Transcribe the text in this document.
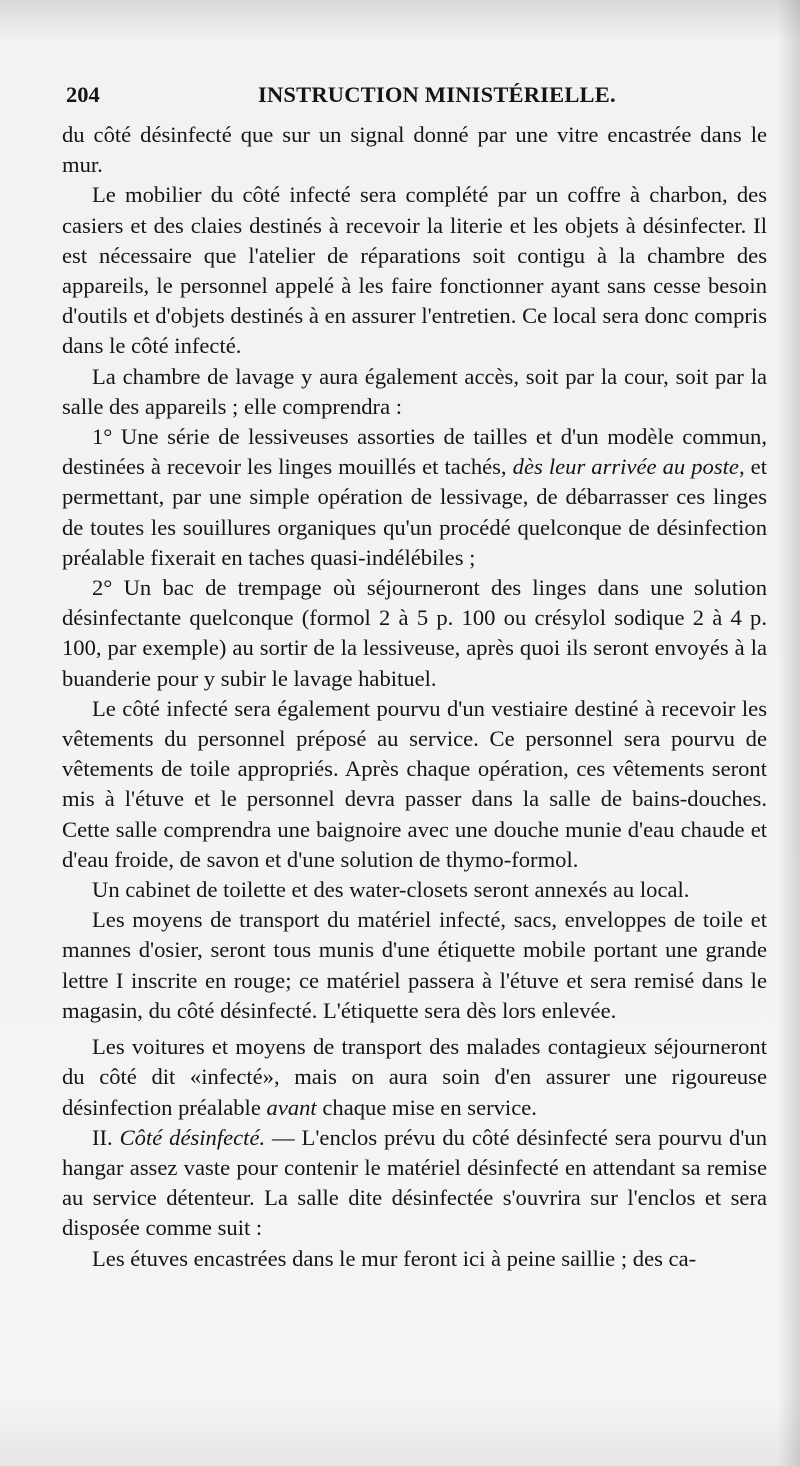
204	INSTRUCTION MINISTÉRIELLE.

du côté désinfecté que sur un signal donné par une vitre encastrée dans le mur.

Le mobilier du côté infecté sera complété par un coffre à charbon, des casiers et des claies destinés à recevoir la literie et les objets à désinfecter. Il est nécessaire que l'atelier de réparations soit contigu à la chambre des appareils, le personnel appelé à les faire fonctionner ayant sans cesse besoin d'outils et d'objets destinés à en assurer l'entretien. Ce local sera donc compris dans le côté infecté.

La chambre de lavage y aura également accès, soit par la cour, soit par la salle des appareils ; elle comprendra :

1° Une série de lessiveuses assorties de tailles et d'un modèle commun, destinées à recevoir les linges mouillés et tachés, dès leur arrivée au poste, et permettant, par une simple opération de lessivage, de débarrasser ces linges de toutes les souillures organiques qu'un procédé quelconque de désinfection préalable fixerait en taches quasi-indélébiles ;

2° Un bac de trempage où séjourneront des linges dans une solution désinfectante quelconque (formol 2 à 5 p. 100 ou crésylol sodique 2 à 4 p. 100, par exemple) au sortir de la lessiveuse, après quoi ils seront envoyés à la buanderie pour y subir le lavage habituel.

Le côté infecté sera également pourvu d'un vestiaire destiné à recevoir les vêtements du personnel préposé au service. Ce personnel sera pourvu de vêtements de toile appropriés. Après chaque opération, ces vêtements seront mis à l'étuve et le personnel devra passer dans la salle de bains-douches. Cette salle comprendra une baignoire avec une douche munie d'eau chaude et d'eau froide, de savon et d'une solution de thymo-formol.

Un cabinet de toilette et des water-closets seront annexés au local.

Les moyens de transport du matériel infecté, sacs, enveloppes de toile et mannes d'osier, seront tous munis d'une étiquette mobile portant une grande lettre I inscrite en rouge; ce matériel passera à l'étuve et sera remisé dans le magasin, du côté désinfecté. L'étiquette sera dès lors enlevée.

Les voitures et moyens de transport des malades contagieux séjourneront du côté dit «infecté», mais on aura soin d'en assurer une rigoureuse désinfection préalable avant chaque mise en service.

II. Côté désinfecté. — L'enclos prévu du côté désinfecté sera pourvu d'un hangar assez vaste pour contenir le matériel désinfecté en attendant sa remise au service détenteur. La salle dite désinfectée s'ouvrira sur l'enclos et sera disposée comme suit :

Les étuves encastrées dans le mur feront ici à peine saillie ; des ca-
